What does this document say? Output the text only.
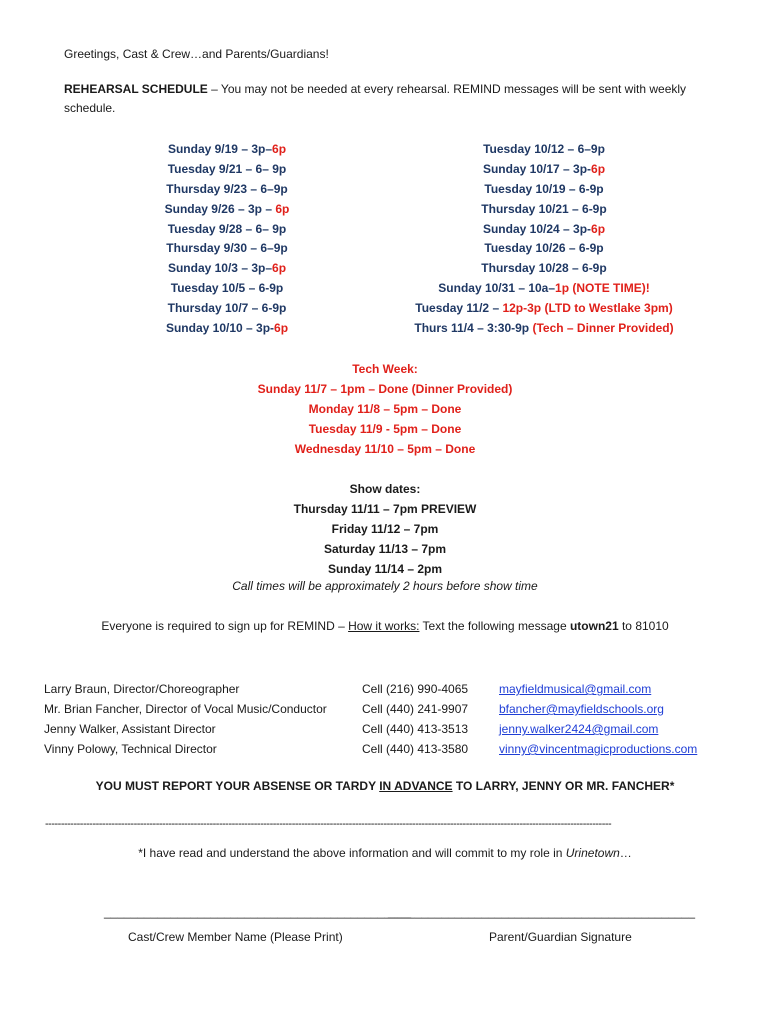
Greetings, Cast & Crew…and Parents/Guardians!
REHEARSAL SCHEDULE – You may not be needed at every rehearsal. REMIND messages will be sent with weekly schedule.
Sunday 9/19 – 3p–6p
Tuesday 9/21 – 6– 9p
Thursday 9/23 – 6–9p
Sunday 9/26 – 3p – 6p
Tuesday 9/28 – 6– 9p
Thursday 9/30 – 6–9p
Sunday 10/3 – 3p–6p
Tuesday 10/5 – 6-9p
Thursday 10/7 – 6-9p
Sunday 10/10 – 3p-6p
Tuesday 10/12 – 6–9p
Sunday 10/17 – 3p-6p
Tuesday 10/19 – 6-9p
Thursday 10/21 – 6-9p
Sunday 10/24 – 3p-6p
Tuesday 10/26 – 6-9p
Thursday 10/28 – 6-9p
Sunday 10/31 – 10a–1p (NOTE TIME)!
Tuesday 11/2 – 12p-3p (LTD to Westlake 3pm)
Thurs 11/4 – 3:30-9p (Tech – Dinner Provided)
Tech Week:
Sunday 11/7 – 1pm – Done (Dinner Provided)
Monday 11/8 – 5pm – Done
Tuesday 11/9 - 5pm – Done
Wednesday 11/10 – 5pm – Done
Show dates:
Thursday 11/11 – 7pm PREVIEW
Friday 11/12 – 7pm
Saturday 11/13 – 7pm
Sunday 11/14 – 2pm
Call times will be approximately 2 hours before show time
Everyone is required to sign up for REMIND – How it works: Text the following message utown21 to 81010
Larry Braun, Director/Choreographer	Cell (216) 990-4065	mayfieldmusical@gmail.com
Mr. Brian Fancher, Director of Vocal Music/Conductor	Cell (440) 241-9907	bfancher@mayfieldschools.org
Jenny Walker, Assistant Director	Cell (440) 413-3513	jenny.walker2424@gmail.com
Vinny Polowy, Technical Director	Cell (440) 413-3580	vinny@vincentmagicproductions.com
YOU MUST REPORT YOUR ABSENSE OR TARDY IN ADVANCE TO LARRY, JENNY OR MR. FANCHER*
-----------------------------------------------------------------------------------------------------------------------------------------------------------------------------------
*I have read and understand the above information and will commit to my role in Urinetown…
______________________________________________
______________________________________________
Cast/Crew Member Name (Please Print)	Parent/Guardian Signature
